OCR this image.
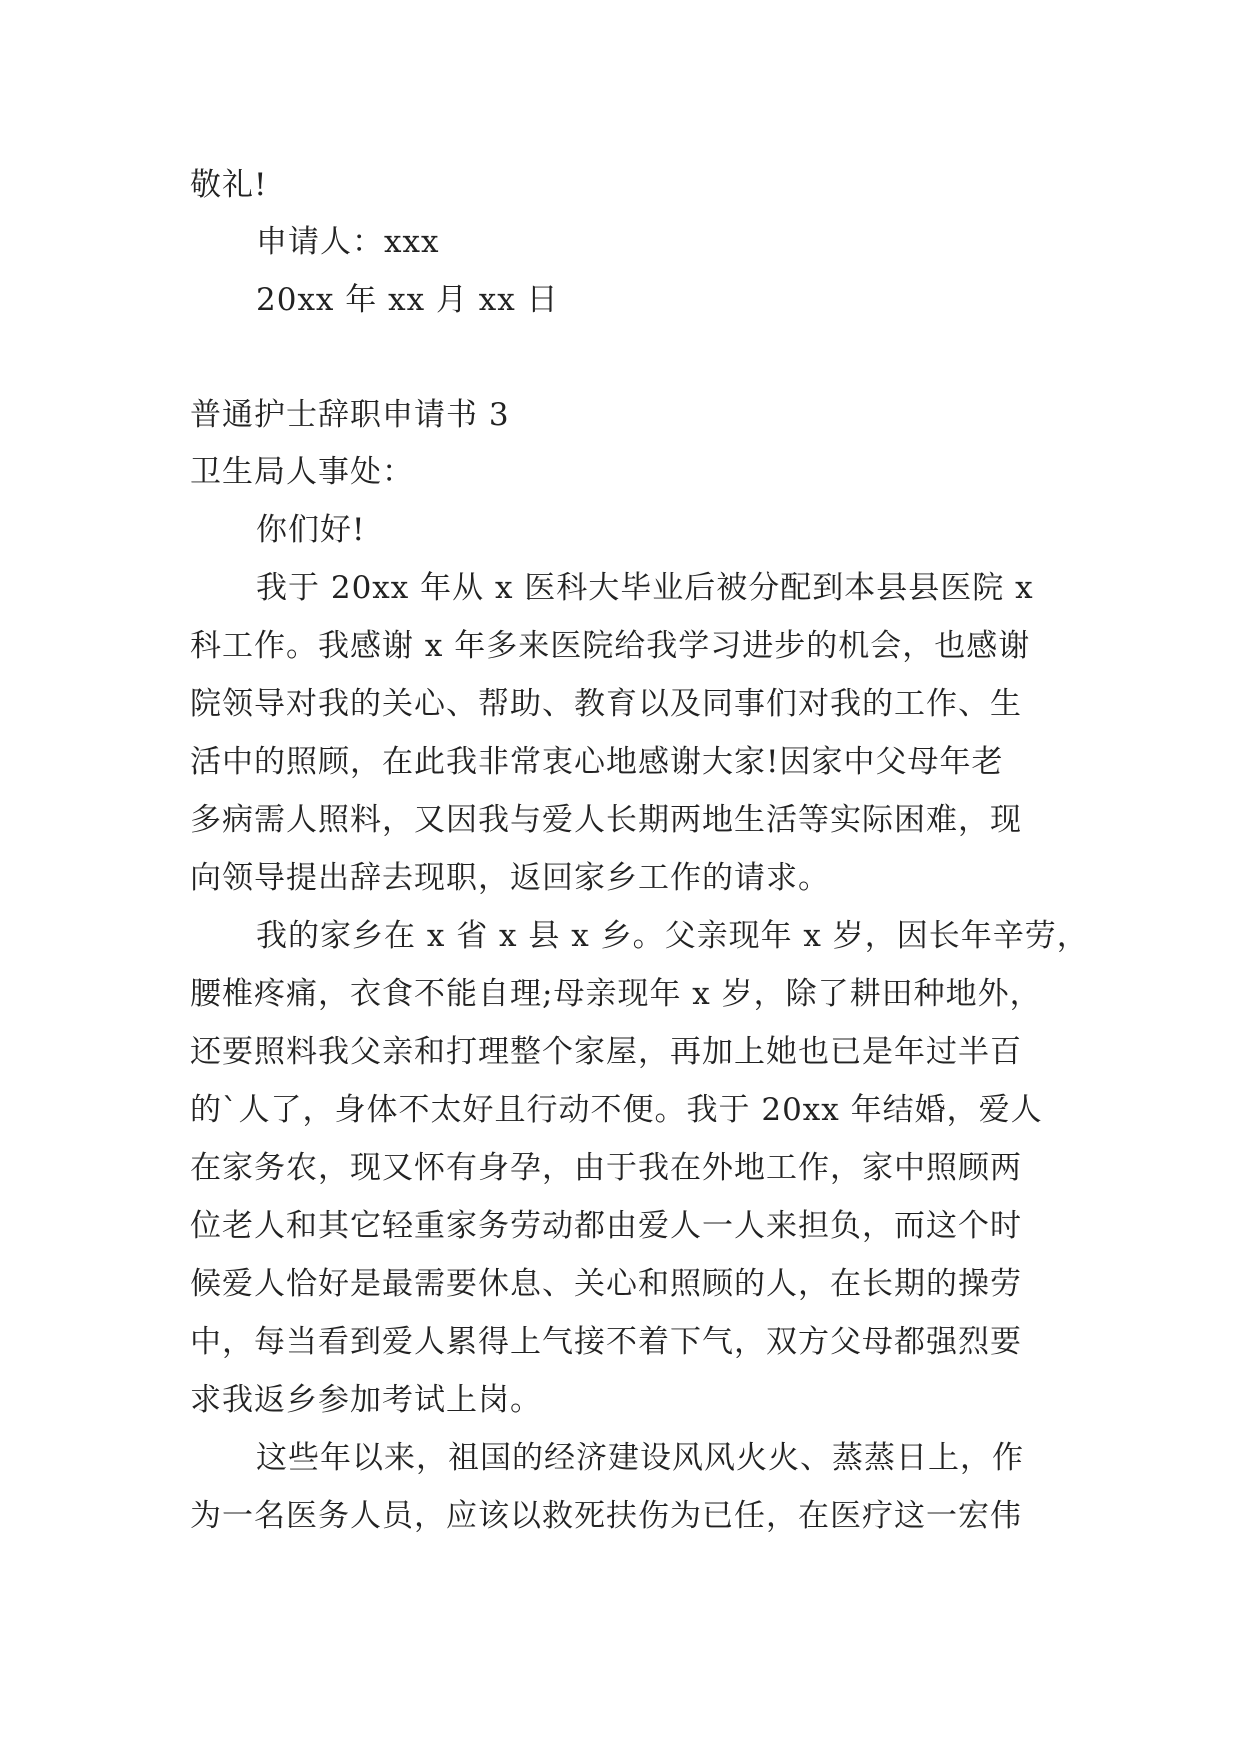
敬礼!
申请人：xxx
20xx 年 xx 月 xx 日
普通护士辞职申请书 3
卫生局人事处：
你们好!
我于 20xx 年从 x 医科大毕业后被分配到本县县医院 x
科工作。我感谢 x 年多来医院给我学习进步的机会，也感谢
院领导对我的关心、帮助、教育以及同事们对我的工作、生
活中的照顾，在此我非常衷心地感谢大家!因家中父母年老
多病需人照料，又因我与爱人长期两地生活等实际困难，现
向领导提出辞去现职，返回家乡工作的请求。
我的家乡在 x 省 x 县 x 乡。父亲现年 x 岁，因长年辛劳，
腰椎疼痛，衣食不能自理;母亲现年 x 岁，除了耕田种地外，
还要照料我父亲和打理整个家屋，再加上她也已是年过半百
的`人了，身体不太好且行动不便。我于 20xx 年结婚，爱人
在家务农，现又怀有身孕，由于我在外地工作，家中照顾两
位老人和其它轻重家务劳动都由爱人一人来担负，而这个时
候爱人恰好是最需要休息、关心和照顾的人，在长期的操劳
中，每当看到爱人累得上气接不着下气，双方父母都强烈要
求我返乡参加考试上岗。
这些年以来，祖国的经济建设风风火火、蒸蒸日上，作
为一名医务人员，应该以救死扶伤为已任，在医疗这一宏伟
